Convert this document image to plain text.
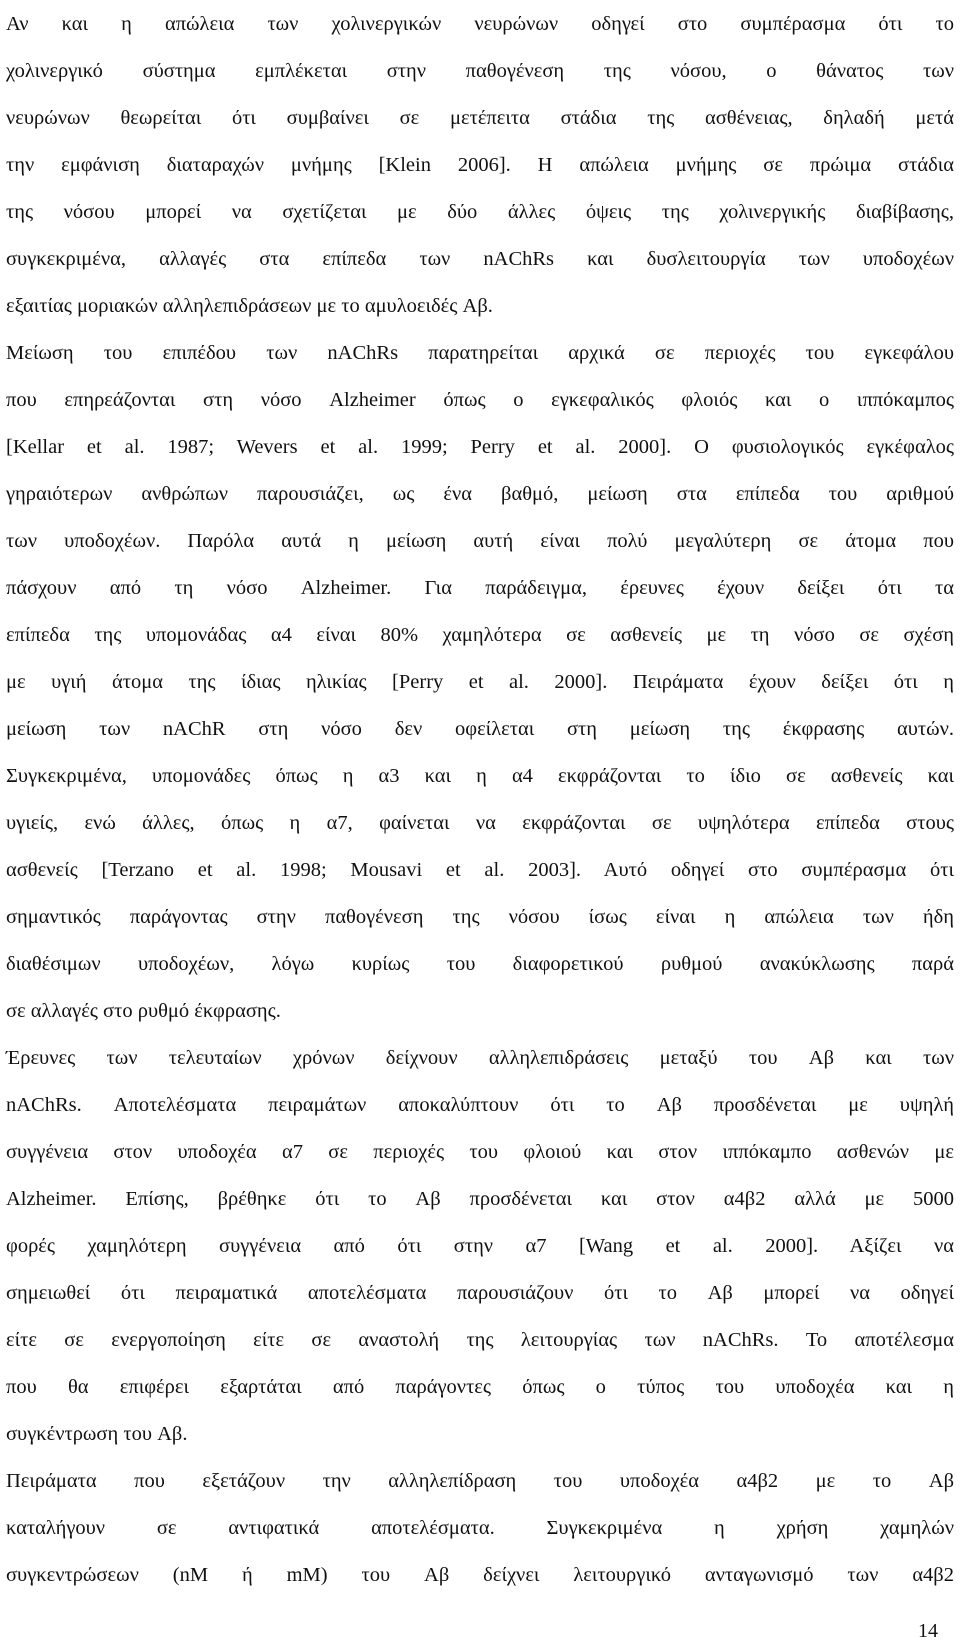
Αν και η απώλεια των χολινεργικών νευρώνων οδηγεί στο συμπέρασμα ότι το
χολινεργικό σύστημα εμπλέκεται στην παθογένεση της νόσου, ο θάνατος των
νευρώνων θεωρείται ότι συμβαίνει σε μετέπειτα στάδια της ασθένειας, δηλαδή μετά
την εμφάνιση διαταραχών μνήμης [Klein 2006]. Η απώλεια μνήμης σε πρώιμα στάδια
της νόσου μπορεί να σχετίζεται με δύο άλλες όψεις της χολινεργικής διαβίβασης,
συγκεκριμένα, αλλαγές στα επίπεδα των nAChRs και δυσλειτουργία των υποδοχέων
εξαιτίας μοριακών αλληλεπιδράσεων με το αμυλοειδές Aβ.
Μείωση του επιπέδου των nAChRs παρατηρείται αρχικά σε περιοχές του εγκεφάλου
που επηρεάζονται στη νόσο Alzheimer όπως ο εγκεφαλικός φλοιός και ο ιππόκαμπος
[Kellar et al. 1987; Wevers et al. 1999; Perry et al. 2000]. Ο φυσιολογικός εγκέφαλος
γηραιότερων ανθρώπων παρουσιάζει, ως ένα βαθμό, μείωση στα επίπεδα του αριθμού
των υποδοχέων. Παρόλα αυτά η μείωση αυτή είναι πολύ μεγαλύτερη σε άτομα που
πάσχουν από τη νόσο Alzheimer. Για παράδειγμα, έρευνες έχουν δείξει ότι τα
επίπεδα της υπομονάδας α4 είναι 80% χαμηλότερα σε ασθενείς με τη νόσο σε σχέση
με υγιή άτομα της ίδιας ηλικίας [Perry et al. 2000]. Πειράματα έχουν δείξει ότι η
μείωση των nAChR στη νόσο δεν οφείλεται στη μείωση της έκφρασης αυτών.
Συγκεκριμένα, υπομονάδες όπως η α3 και η α4 εκφράζονται το ίδιο σε ασθενείς και
υγιείς, ενώ άλλες, όπως η α7, φαίνεται να εκφράζονται σε υψηλότερα επίπεδα στους
ασθενείς [Terzano et al. 1998; Mousavi et al. 2003]. Αυτό οδηγεί στο συμπέρασμα ότι
σημαντικός παράγοντας στην παθογένεση της νόσου ίσως είναι η απώλεια των ήδη
διαθέσιμων υποδοχέων, λόγω κυρίως του διαφορετικού ρυθμού ανακύκλωσης παρά
σε αλλαγές στο ρυθμό έκφρασης.
Έρευνες των τελευταίων χρόνων δείχνουν αλληλεπιδράσεις μεταξύ του Aβ και των
nAChRs. Αποτελέσματα πειραμάτων αποκαλύπτουν ότι το Aβ προσδένεται με υψηλή
συγγένεια στον υποδοχέα α7 σε περιοχές του φλοιού και στον ιππόκαμπο ασθενών με
Alzheimer. Επίσης, βρέθηκε ότι το Aβ προσδένεται και στον α4β2 αλλά με 5000
φορές χαμηλότερη συγγένεια από ότι στην α7 [Wang et al. 2000]. Αξίζει να
σημειωθεί ότι πειραματικά αποτελέσματα παρουσιάζουν ότι το Aβ μπορεί να οδηγεί
είτε σε ενεργοποίηση είτε σε αναστολή της λειτουργίας των nAChRs. Το αποτέλεσμα
που θα επιφέρει εξαρτάται από παράγοντες όπως ο τύπος του υποδοχέα και η
συγκέντρωση του Aβ.
Πειράματα που εξετάζουν την αλληλεπίδραση του υποδοχέα α4β2 με το Aβ
καταλήγουν σε αντιφατικά αποτελέσματα. Συγκεκριμένα η χρήση χαμηλών
συγκεντρώσεων (nM ή mM) του Aβ δείχνει λειτουργικό ανταγωνισμό των α4β2
14
